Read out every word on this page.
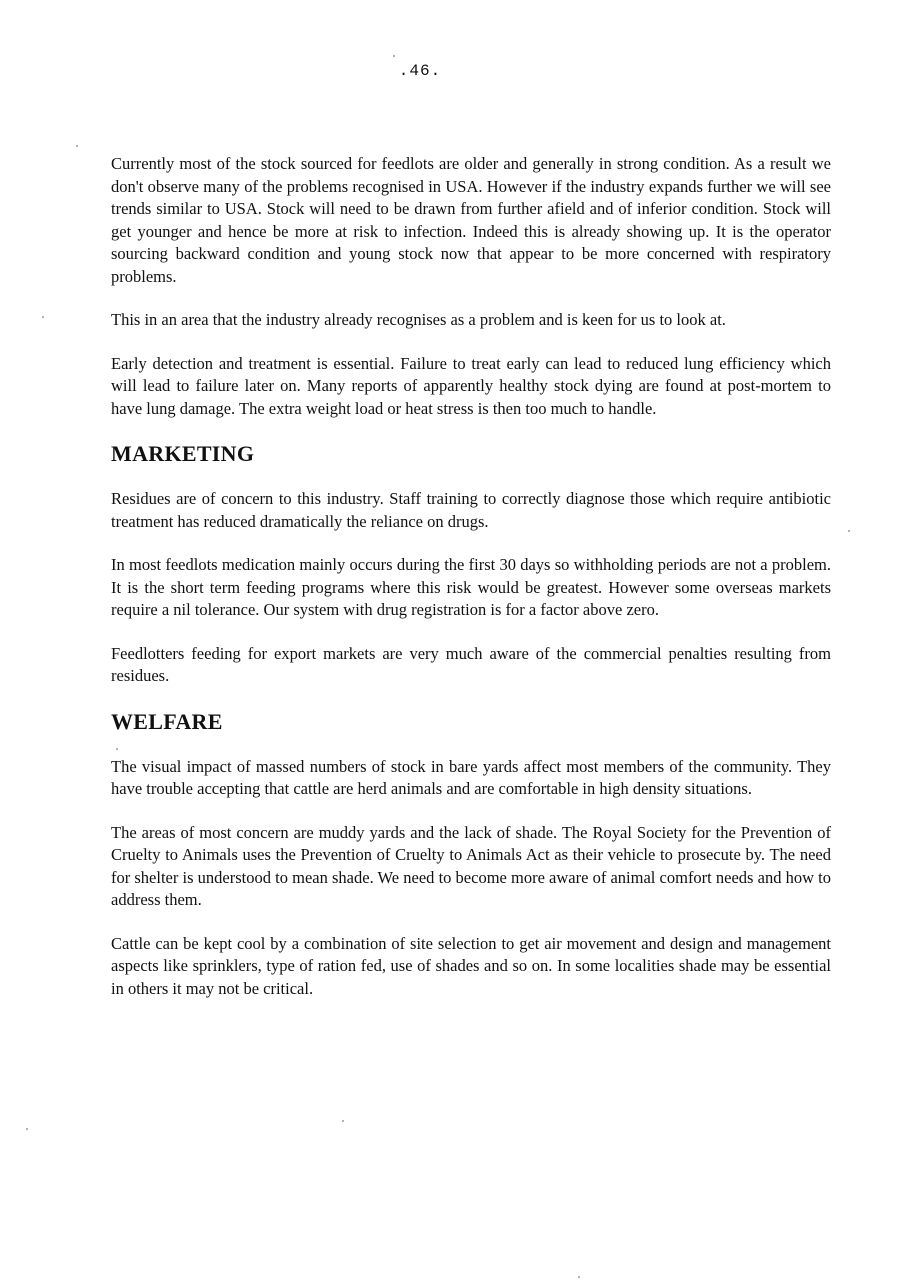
.46.

Currently most of the stock sourced for feedlots are older and generally in strong condition. As a result we don't observe many of the problems recognised in USA. However if the industry expands further we will see trends similar to USA. Stock will need to be drawn from further afield and of inferior condition. Stock will get younger and hence be more at risk to infection. Indeed this is already showing up. It is the operator sourcing backward condition and young stock now that appear to be more concerned with respiratory problems.

This in an area that the industry already recognises as a problem and is keen for us to look at.

Early detection and treatment is essential. Failure to treat early can lead to reduced lung efficiency which will lead to failure later on. Many reports of apparently healthy stock dying are found at post-mortem to have lung damage. The extra weight load or heat stress is then too much to handle.

MARKETING

Residues are of concern to this industry. Staff training to correctly diagnose those which require antibiotic treatment has reduced dramatically the reliance on drugs.

In most feedlots medication mainly occurs during the first 30 days so withholding periods are not a problem. It is the short term feeding programs where this risk would be greatest. However some overseas markets require a nil tolerance. Our system with drug registration is for a factor above zero.

Feedlotters feeding for export markets are very much aware of the commercial penalties resulting from residues.

WELFARE

The visual impact of massed numbers of stock in bare yards affect most members of the community. They have trouble accepting that cattle are herd animals and are comfortable in high density situations.

The areas of most concern are muddy yards and the lack of shade. The Royal Society for the Prevention of Cruelty to Animals uses the Prevention of Cruelty to Animals Act as their vehicle to prosecute by. The need for shelter is understood to mean shade. We need to become more aware of animal comfort needs and how to address them.

Cattle can be kept cool by a combination of site selection to get air movement and design and management aspects like sprinklers, type of ration fed, use of shades and so on. In some localities shade may be essential in others it may not be critical.
